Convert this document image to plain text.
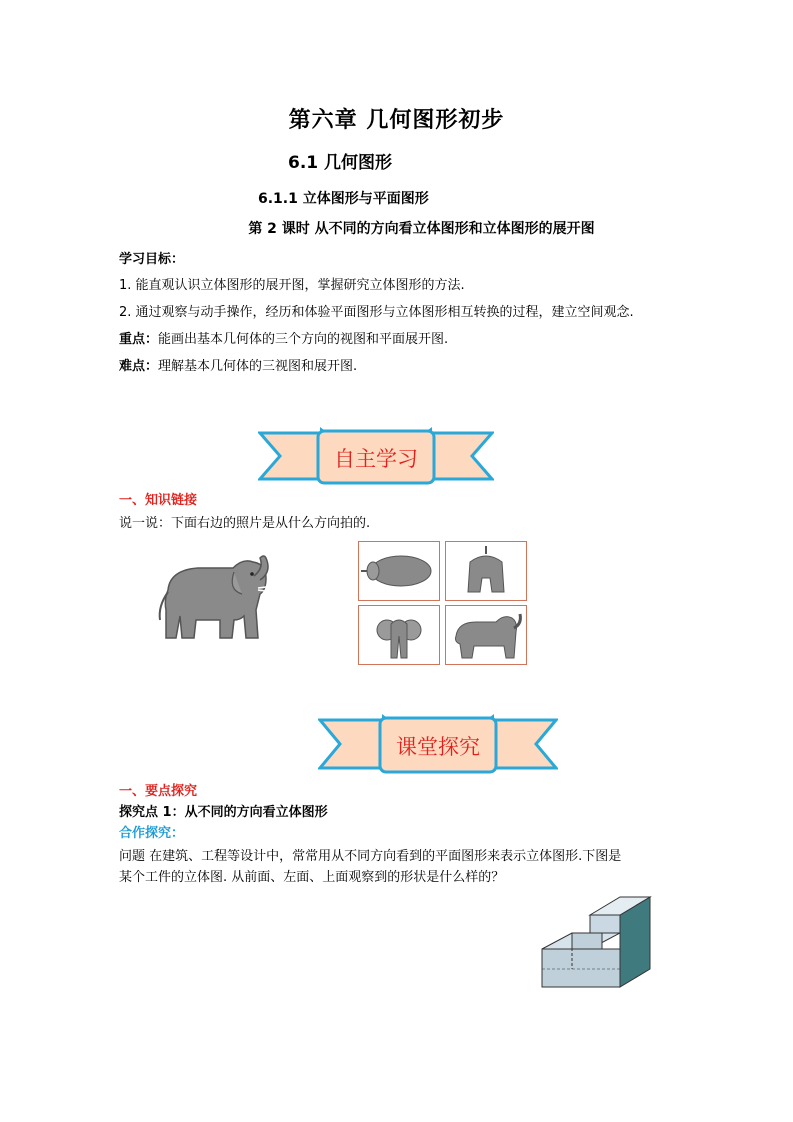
第六章 几何图形初步
6.1 几何图形
6.1.1 立体图形与平面图形
第 2 课时 从不同的方向看立体图形和立体图形的展开图
学习目标：
1. 能直观认识立体图形的展开图，掌握研究立体图形的方法.
2. 通过观察与动手操作，经历和体验平面图形与立体图形相互转换的过程，建立空间观念.
重点：能画出基本几何体的三个方向的视图和平面展开图.
难点：理解基本几何体的三视图和展开图.
自主学习
一、知识链接
说一说：下面右边的照片是从什么方向拍的.
课堂探究
一、要点探究
探究点 1：从不同的方向看立体图形
合作探究：
问题 在建筑、工程等设计中，常常用从不同方向看到的平面图形来表示立体图形.下图是
某个工件的立体图. 从前面、左面、上面观察到的形状是什么样的？
